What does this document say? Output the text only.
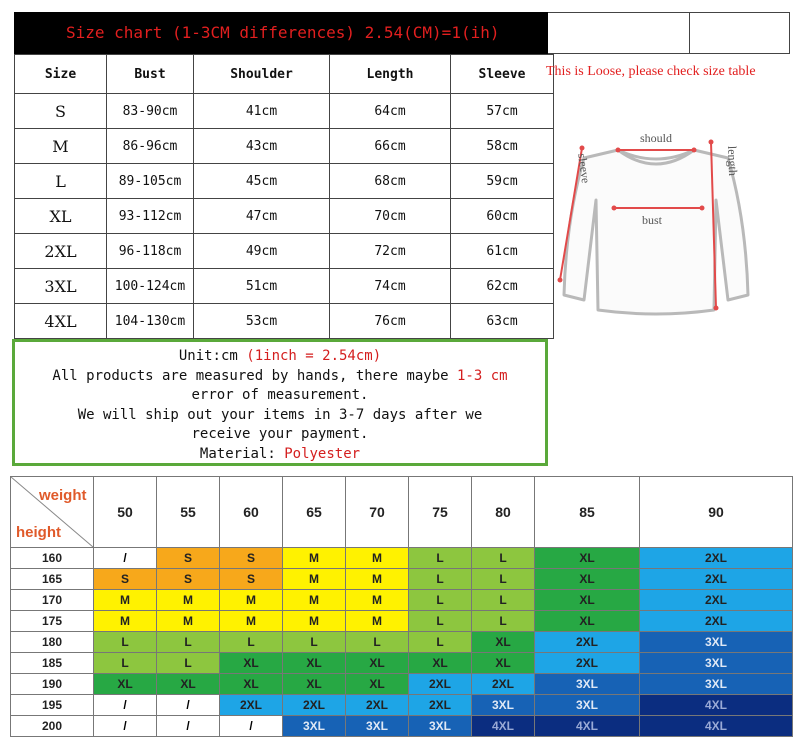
Size chart (1-3CM differences) 2.54(CM)=1(ih)
Size	Bust	Shoulder	Length	Sleeve
S	83-90cm	41cm	64cm	57cm
M	86-96cm	43cm	66cm	58cm
L	89-105cm	45cm	68cm	59cm
XL	93-112cm	47cm	70cm	60cm
2XL	96-118cm	49cm	72cm	61cm
3XL	100-124cm	51cm	74cm	62cm
4XL	104-130cm	53cm	76cm	63cm
This is Loose, please check size table
should
bust
sleeve	length
Unit:cm (1inch = 2.54cm)
All products are measured by hands, there maybe 1-3 cm
error of measurement.
We will ship out your items in 3-7 days after we
receive your payment.
Material: Polyester
weight
height	50	55	60	65	70	75	80	85	90
160	/	S	S	M	M	L	L	XL	2XL
165	S	S	S	M	M	L	L	XL	2XL
170	M	M	M	M	M	L	L	XL	2XL
175	M	M	M	M	M	L	L	XL	2XL
180	L	L	L	L	L	L	XL	2XL	3XL
185	L	L	XL	XL	XL	XL	XL	2XL	3XL
190	XL	XL	XL	XL	XL	2XL	2XL	3XL	3XL
195	/	/	2XL	2XL	2XL	2XL	3XL	3XL	4XL
200	/	/	/	3XL	3XL	3XL	4XL	4XL	4XL
